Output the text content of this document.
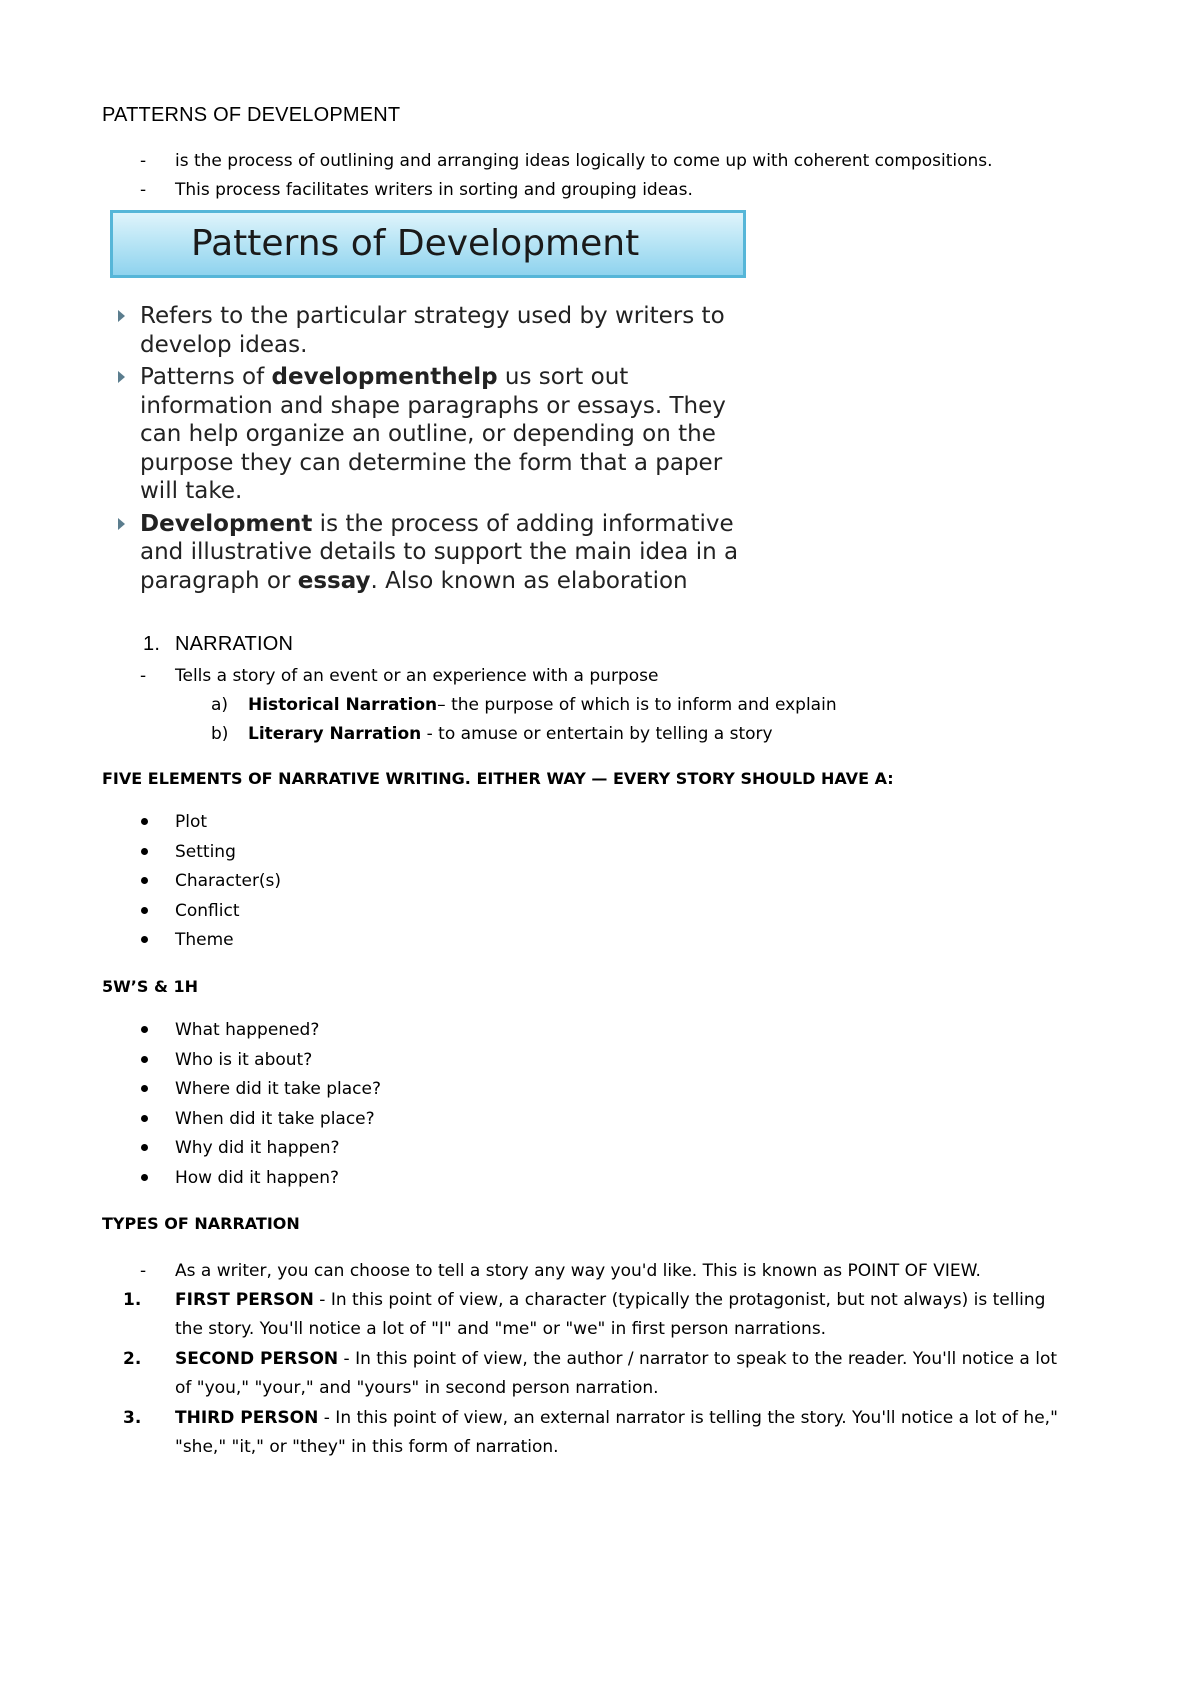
PATTERNS OF DEVELOPMENT
- is the process of outlining and arranging ideas logically to come up with coherent compositions.
- This process facilitates writers in sorting and grouping ideas.
Patterns of Development
Refers to the particular strategy used by writers to develop ideas.
Patterns of developmenthelp us sort out information and shape paragraphs or essays. They can help organize an outline, or depending on the purpose they can determine the form that a paper will take.
Development is the process of adding informative and illustrative details to support the main idea in a paragraph or essay. Also known as elaboration
1. NARRATION
- Tells a story of an event or an experience with a purpose
a) Historical Narration– the purpose of which is to inform and explain
b) Literary Narration - to amuse or entertain by telling a story
FIVE ELEMENTS OF NARRATIVE WRITING. EITHER WAY — EVERY STORY SHOULD HAVE A:
Plot
Setting
Character(s)
Conflict
Theme
5W’S & 1H
What happened?
Who is it about?
Where did it take place?
When did it take place?
Why did it happen?
How did it happen?
TYPES OF NARRATION
- As a writer, you can choose to tell a story any way you'd like. This is known as POINT OF VIEW.
1. FIRST PERSON - In this point of view, a character (typically the protagonist, but not always) is telling
the story. You'll notice a lot of "I" and "me" or "we" in first person narrations.
2. SECOND PERSON - In this point of view, the author / narrator to speak to the reader. You'll notice a lot
of "you," "your," and "yours" in second person narration.
3. THIRD PERSON - In this point of view, an external narrator is telling the story. You'll notice a lot of he,"
"she," "it," or "they" in this form of narration.
